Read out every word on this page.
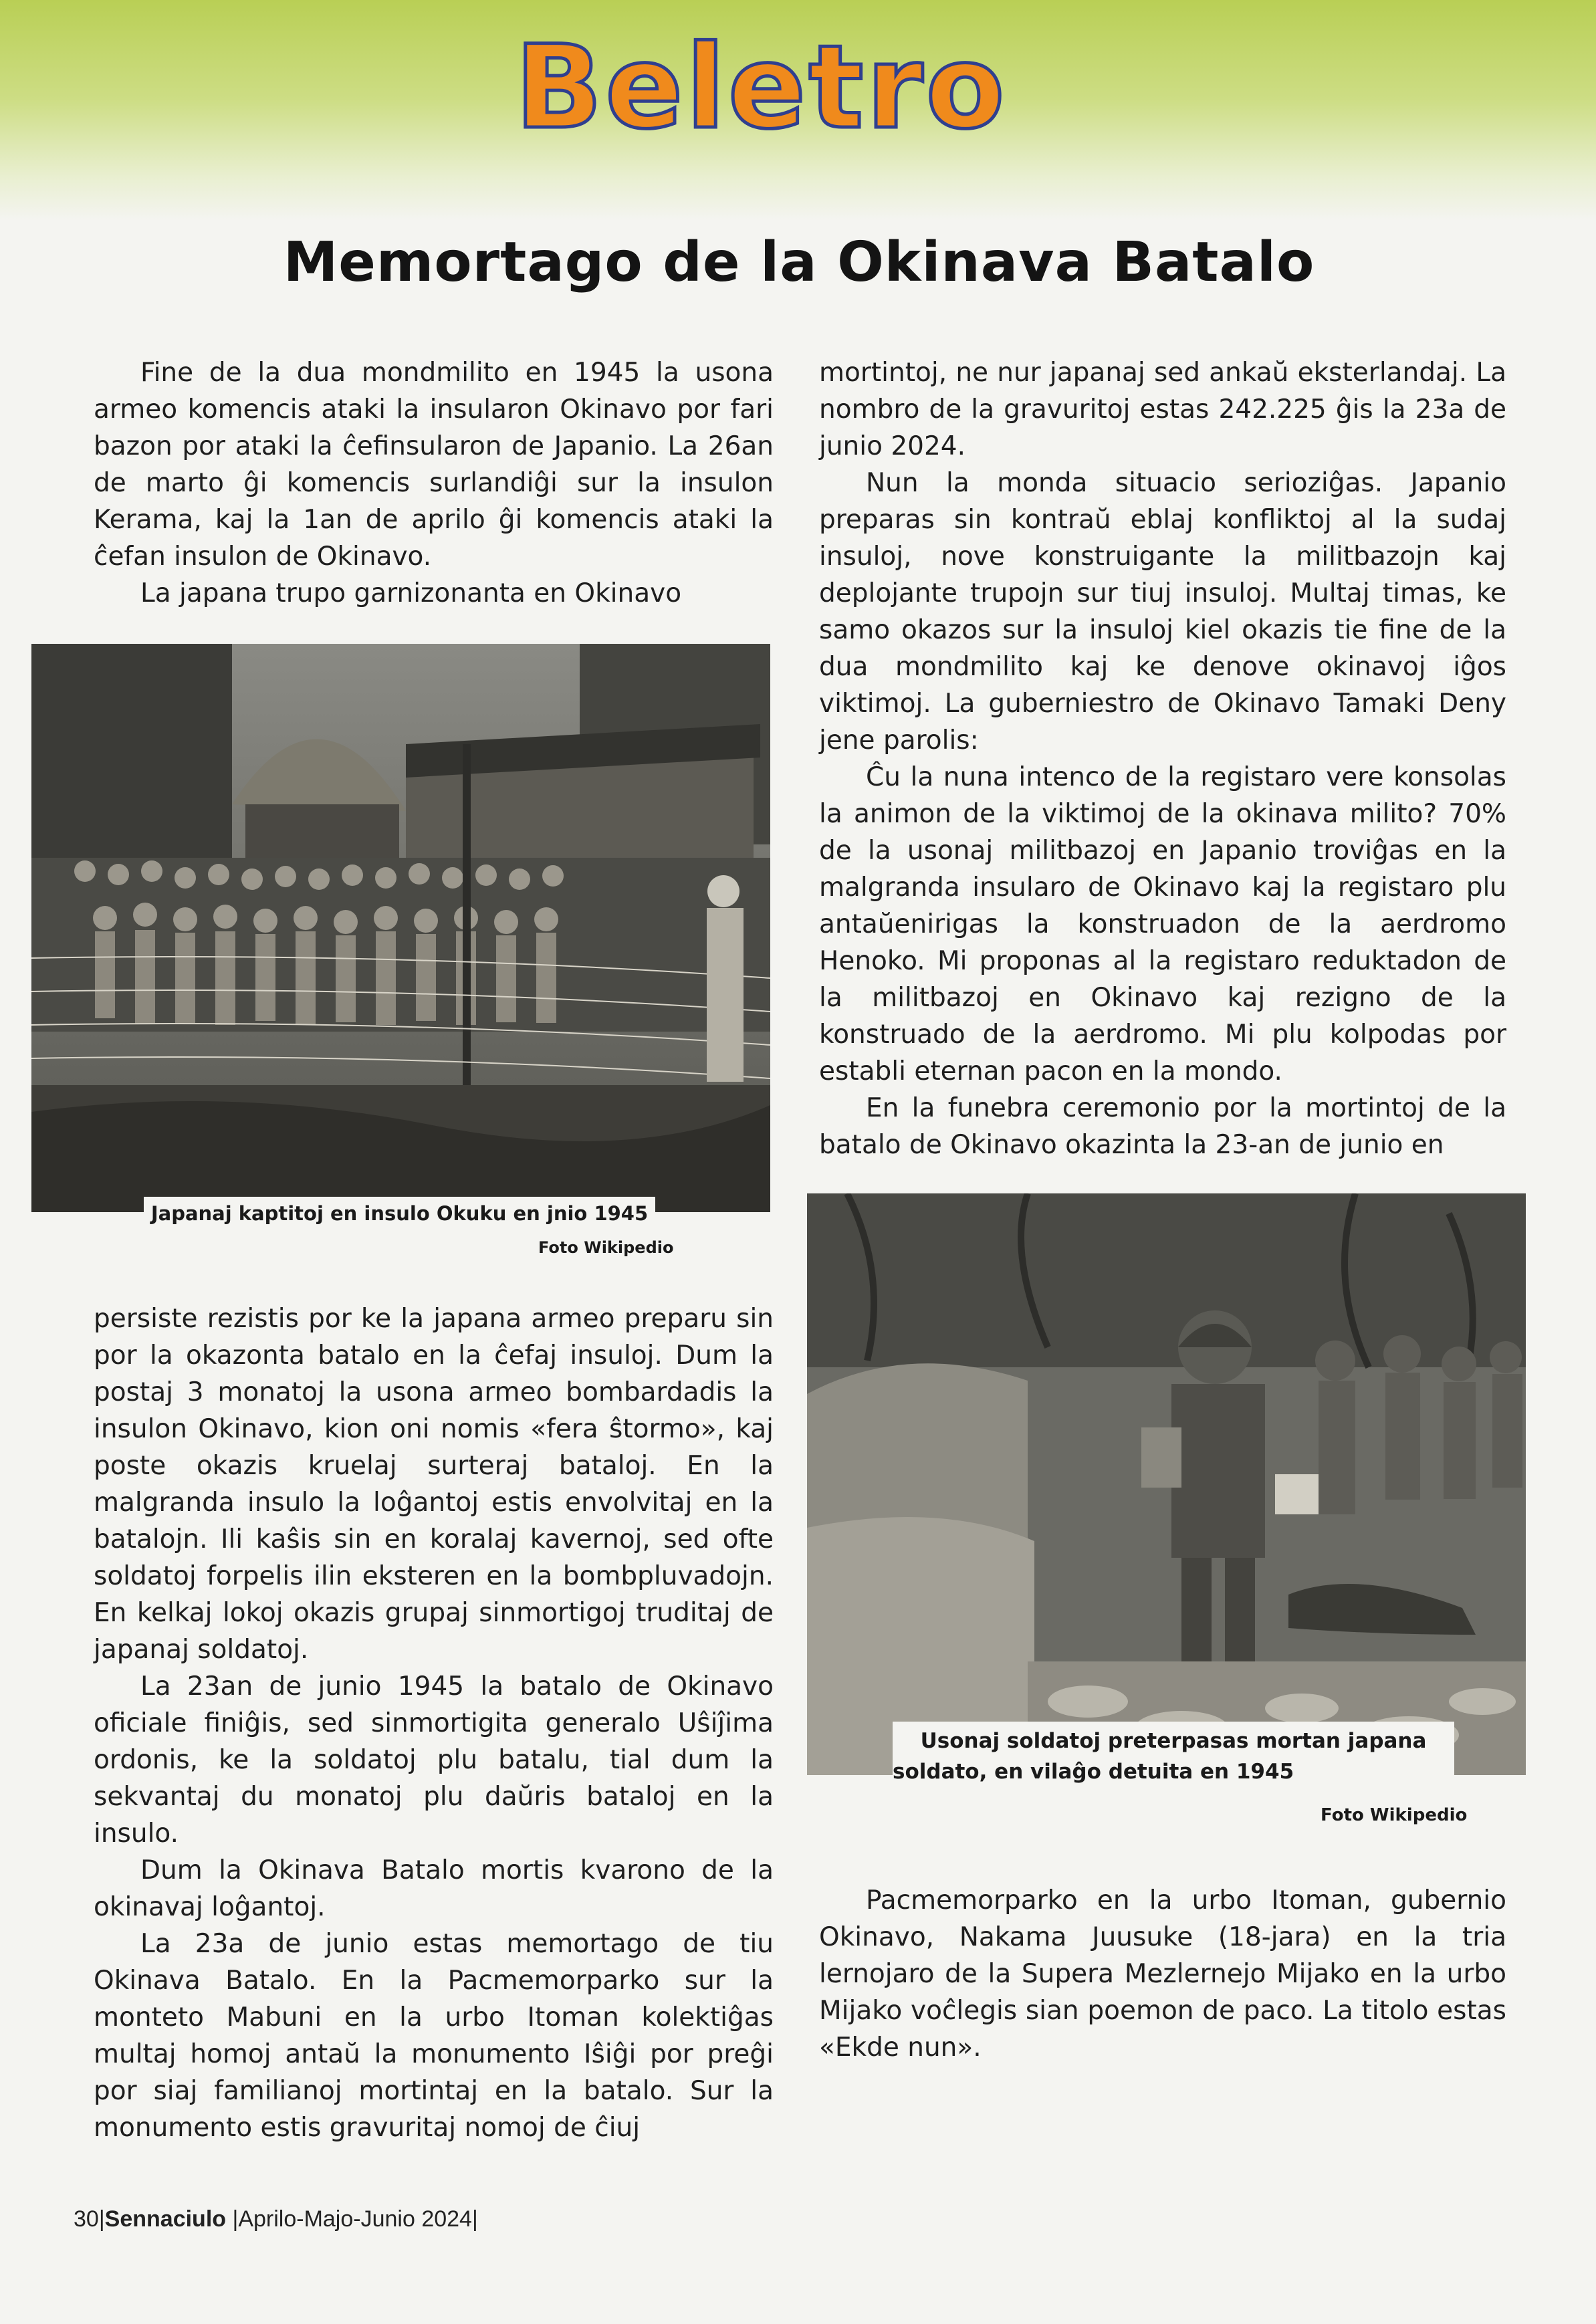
Beletro
Memortago de la Okinava Batalo

Fine de la dua mondmilito en 1945 la usona armeo komencis ataki la insularon Okinavo por fari bazon por ataki la ĉefinsularon de Japanio. La 26an de marto ĝi komencis surlandiĝi sur la insulon Kerama, kaj la 1an de aprilo ĝi komencis ataki la ĉefan insulon de Okinavo.

La japana trupo garnizonanta en Okinavo

Japanaj kaptitoj en insulo Okuku en jnio 1945
Foto Wikipedio

persiste rezistis por ke la japana armeo preparu sin por la okazonta batalo en la ĉefaj insuloj. Dum la postaj 3 monatoj la usona armeo bombardadis la insulon Okinavo, kion oni nomis «fera ŝtormo», kaj poste okazis kruelaj surteraj bataloj. En la malgranda insulo la loĝantoj estis envolvitaj en la batalojn. Ili kaŝis sin en koralaj kavernoj, sed ofte soldatoj forpelis ilin eksteren en la bombpluvadojn. En kelkaj lokoj okazis grupaj sinmortigoj truditaj de japanaj soldatoj.

La 23an de junio 1945 la batalo de Okinavo oficiale finiĝis, sed sinmortigita generalo Uŝiĵima ordonis, ke la soldatoj plu batalu, tial dum la sekvantaj du monatoj plu daŭris bataloj en la insulo.

Dum la Okinava Batalo mortis kvarono de la okinavaj loĝantoj.

La 23a de junio estas memortago de tiu Okinava Batalo. En la Pacmemorparko sur la monteto Mabuni en la urbo Itoman kolektiĝas multaj homoj antaŭ la monumento Iŝiĝi por preĝi por siaj familianoj mortintaj en la batalo. Sur la monumento estis gravuritaj nomoj de ĉiuj

mortintoj, ne nur japanaj sed ankaŭ eksterlandaj. La nombro de la gravuritoj estas 242.225 ĝis la 23a de junio 2024.

Nun la monda situacio serioziĝas. Japanio preparas sin kontraŭ eblaj konfliktoj al la sudaj insuloj, nove konstruigante la militbazojn kaj deplojante trupojn sur tiuj insuloj. Multaj timas, ke samo okazos sur la insuloj kiel okazis tie fine de la dua mondmilito kaj ke denove okinavoj iĝos viktimoj. La guberniestro de Okinavo Tamaki Deny jene parolis:

Ĉu la nuna intenco de la registaro vere konsolas la animon de la viktimoj de la okinava milito? 70% de la usonaj militbazoj en Japanio troviĝas en la malgranda insularo de Okinavo kaj la registaro plu antaŭenirigas la konstruadon de la aerdromo Henoko. Mi proponas al la registaro reduktadon de la militbazoj en Okinavo kaj rezigno de la konstruado de la aerdromo. Mi plu kolpodas por establi eternan pacon en la mondo.

En la funebra ceremonio por la mortintoj de la batalo de Okinavo okazinta la 23-an de junio en

Usonaj soldatoj preterpasas mortan japana
soldato, en vilaĝo detuita en 1945
Foto Wikipedio

Pacmemorparko en la urbo Itoman, gubernio Okinavo, Nakama Juusuke (18-jara) en la tria lernojaro de la Supera Mezlernejo Mijako en la urbo Mijako voĉlegis sian poemon de paco. La titolo estas «Ekde nun».

30|Sennaciulo |Aprilo-Majo-Junio 2024|
